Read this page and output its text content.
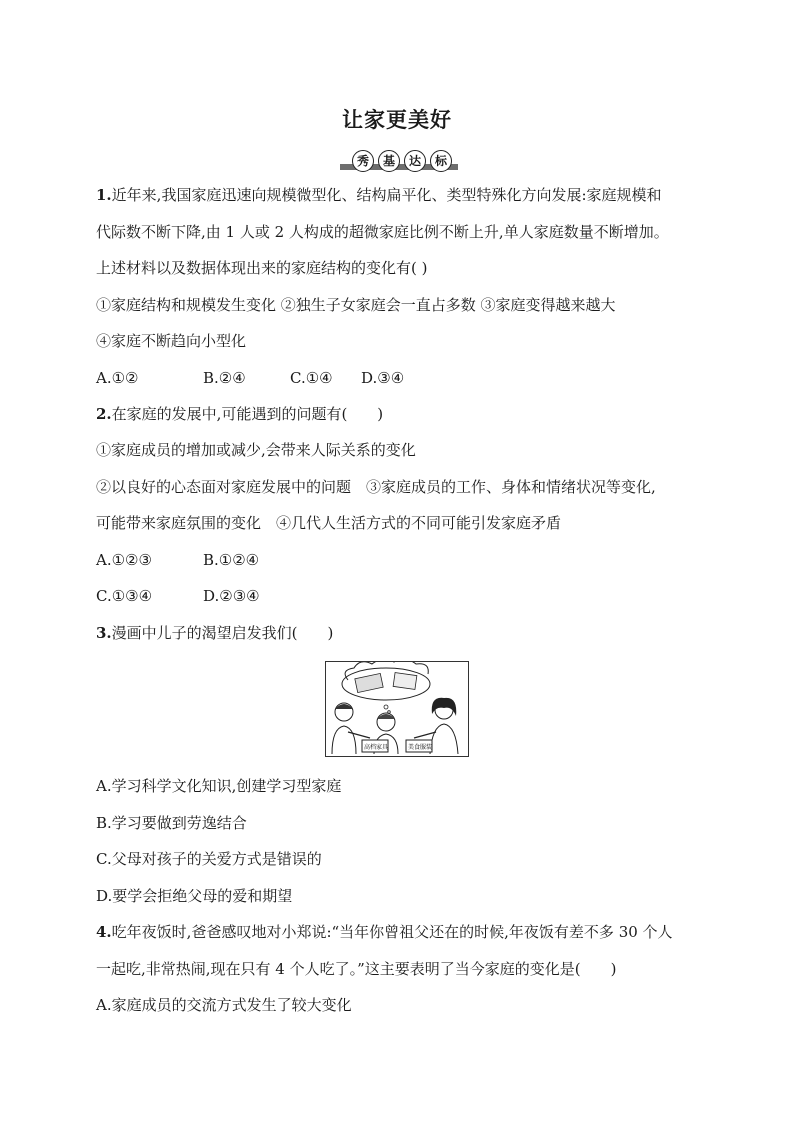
让家更美好
秀	基	达	标
1.近年来,我国家庭迅速向规模微型化、结构扁平化、类型特殊化方向发展:家庭规模和
代际数不断下降,由 1 人或 2 人构成的超微家庭比例不断上升,单人家庭数量不断增加。
上述材料以及数据体现出来的家庭结构的变化有( )
①家庭结构和规模发生变化 ②独生子女家庭会一直占多数 ③家庭变得越来越大
④家庭不断趋向小型化
A.①②	B.②④	C.①④ D.③④
2.在家庭的发展中,可能遇到的问题有(　　)
①家庭成员的增加或减少,会带来人际关系的变化
②以良好的心态面对家庭发展中的问题　③家庭成员的工作、身体和情绪状况等变化,
可能带来家庭氛围的变化　④几代人生活方式的不同可能引发家庭矛盾
A.①②③	B.①②④
C.①③④	D.②③④
3.漫画中儿子的渴望启发我们(　　)
高档 家具	美食 服装
A.学习科学文化知识,创建学习型家庭
B.学习要做到劳逸结合
C.父母对孩子的关爱方式是错误的
D.要学会拒绝父母的爱和期望
4.吃年夜饭时,爸爸感叹地对小郑说:“当年你曾祖父还在的时候,年夜饭有差不多 30 个人
一起吃,非常热闹,现在只有 4 个人吃了。”这主要表明了当今家庭的变化是(　　)
A.家庭成员的交流方式发生了较大变化
